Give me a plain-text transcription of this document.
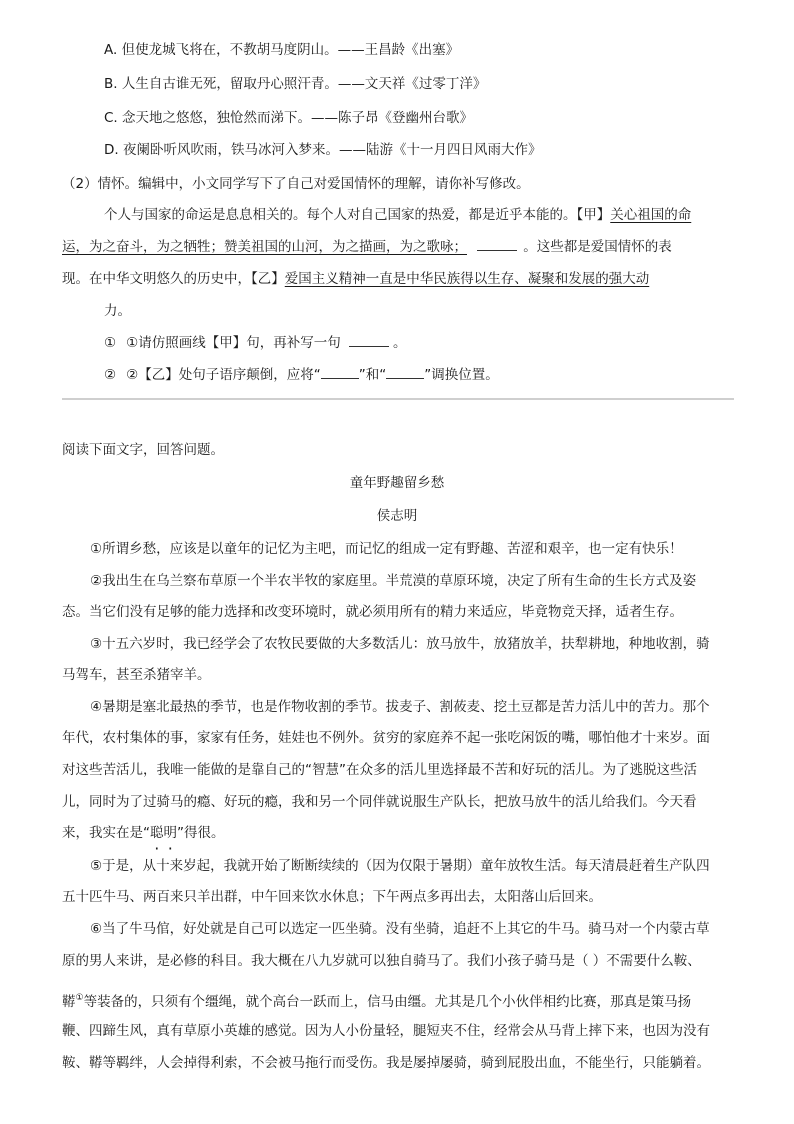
A. 但使龙城飞将在，不教胡马度阴山。——王昌龄《出塞》
B. 人生自古谁无死，留取丹心照汗青。——文天祥《过零丁洋》
C. 念天地之悠悠，独怆然而涕下。——陈子昂《登幽州台歌》
D. 夜阑卧听风吹雨，铁马冰河入梦来。——陆游《十一月四日风雨大作》
（2）情怀。编辑中，小文同学写下了自己对爱国情怀的理解，请你补写修改。
个人与国家的命运是息息相关的。每个人对自己国家的热爱，都是近乎本能的。【甲】关心祖国的命
运，为之奋斗，为之牺牲；赞美祖国的山河，为之描画，为之歌咏；	。这些都是爱国情怀的表
现。在中华文明悠久的历史中，【乙】爱国主义精神一直是中华民族得以生存、凝聚和发展的强大动
力。
① ①请仿照画线【甲】句，再补写一句	。
② ②【乙】处句子语序颠倒，应将“	”和“	”调换位置。
阅读下面文字，回答问题。
童年野趣留乡愁
侯志明
①所谓乡愁，应该是以童年的记忆为主吧，而记忆的组成一定有野趣、苦涩和艰辛，也一定有快乐！
②我出生在乌兰察布草原一个半农半牧的家庭里。半荒漠的草原环境，决定了所有生命的生长方式及姿
态。当它们没有足够的能力选择和改变环境时，就必须用所有的精力来适应，毕竟物竞天择，适者生存。
③十五六岁时，我已经学会了农牧民要做的大多数活儿：放马放牛，放猪放羊，扶犁耕地，种地收割，骑
马驾车，甚至杀猪宰羊。
④暑期是塞北最热的季节，也是作物收割的季节。拔麦子、割莜麦、挖土豆都是苦力活儿中的苦力。那个
年代，农村集体的事，家家有任务，娃娃也不例外。贫穷的家庭养不起一张吃闲饭的嘴，哪怕他才十来岁。面
对这些苦活儿，我唯一能做的是靠自己的“智慧”在众多的活儿里选择最不苦和好玩的活儿。为了逃脱这些活
儿，同时为了过骑马的瘾、好玩的瘾，我和另一个同伴就说服生产队长，把放马放牛的活儿给我们。今天看
来，我实在是“聪明”得很。
⑤于是，从十来岁起，我就开始了断断续续的（因为仅限于暑期）童年放牧生活。每天清晨赶着生产队四
五十匹牛马、两百来只羊出群，中午回来饮水休息；下午两点多再出去，太阳落山后回来。
⑥当了牛马倌，好处就是自己可以选定一匹坐骑。没有坐骑，追赶不上其它的牛马。骑马对一个内蒙古草
原的男人来讲，是必修的科目。我大概在八九岁就可以独自骑马了。我们小孩子骑马是（ ）不需要什么鞍、
鞯①等装备的，只须有个缰绳，就个高台一跃而上，信马由缰。尤其是几个小伙伴相约比赛，那真是策马扬
鞭、四蹄生风，真有草原小英雄的感觉。因为人小份量轻，腿短夹不住，经常会从马背上摔下来，也因为没有
鞍、鞯等羁绊，人会掉得利索，不会被马拖行而受伤。我是屡掉屡骑，骑到屁股出血，不能坐行，只能躺着。
